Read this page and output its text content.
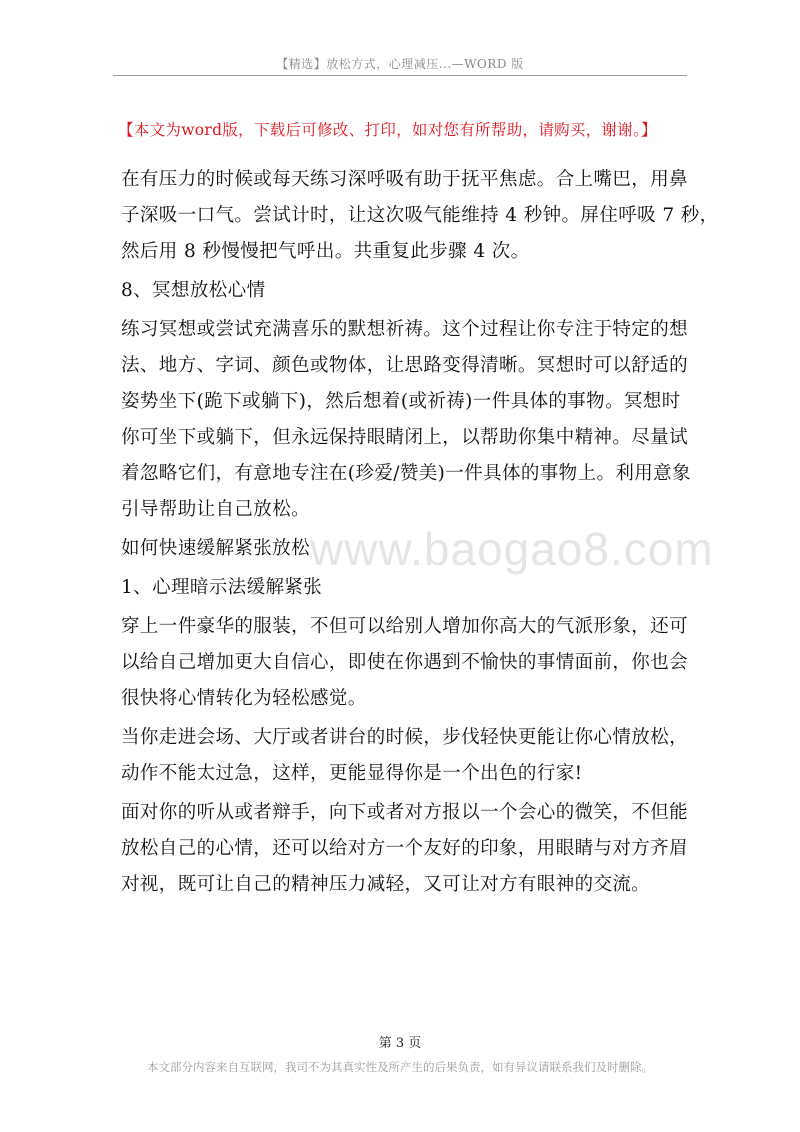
【精选】放松方式，心理减压...—WORD 版
【本文为word版，下载后可修改、打印，如对您有所帮助，请购买，谢谢。】
www.baogao8.com

在有压力的时候或每天练习深呼吸有助于抚平焦虑。合上嘴巴，用鼻

子深吸一口气。尝试计时，让这次吸气能维持 4 秒钟。屏住呼吸 7 秒，

然后用 8 秒慢慢把气呼出。共重复此步骤 4 次。

8、冥想放松心情

练习冥想或尝试充满喜乐的默想祈祷。这个过程让你专注于特定的想

法、地方、字词、颜色或物体，让思路变得清晰。冥想时可以舒适的

姿势坐下(跪下或躺下)，然后想着(或祈祷)一件具体的事物。冥想时

你可坐下或躺下，但永远保持眼睛闭上，以帮助你集中精神。尽量试

着忽略它们，有意地专注在(珍爱/赞美)一件具体的事物上。利用意象

引导帮助让自己放松。

如何快速缓解紧张放松

1、心理暗示法缓解紧张

穿上一件豪华的服装，不但可以给别人增加你高大的气派形象，还可

以给自己增加更大自信心，即使在你遇到不愉快的事情面前，你也会

很快将心情转化为轻松感觉。

当你走进会场、大厅或者讲台的时候，步伐轻快更能让你心情放松，

动作不能太过急，这样，更能显得你是一个出色的行家!

面对你的听从或者辩手，向下或者对方报以一个会心的微笑，不但能

放松自己的心情，还可以给对方一个友好的印象，用眼睛与对方齐眉

对视，既可让自己的精神压力减轻，又可让对方有眼神的交流。

第 3 页
本文部分内容来自互联网，我司不为其真实性及所产生的后果负责，如有异议请联系我们及时删除。
